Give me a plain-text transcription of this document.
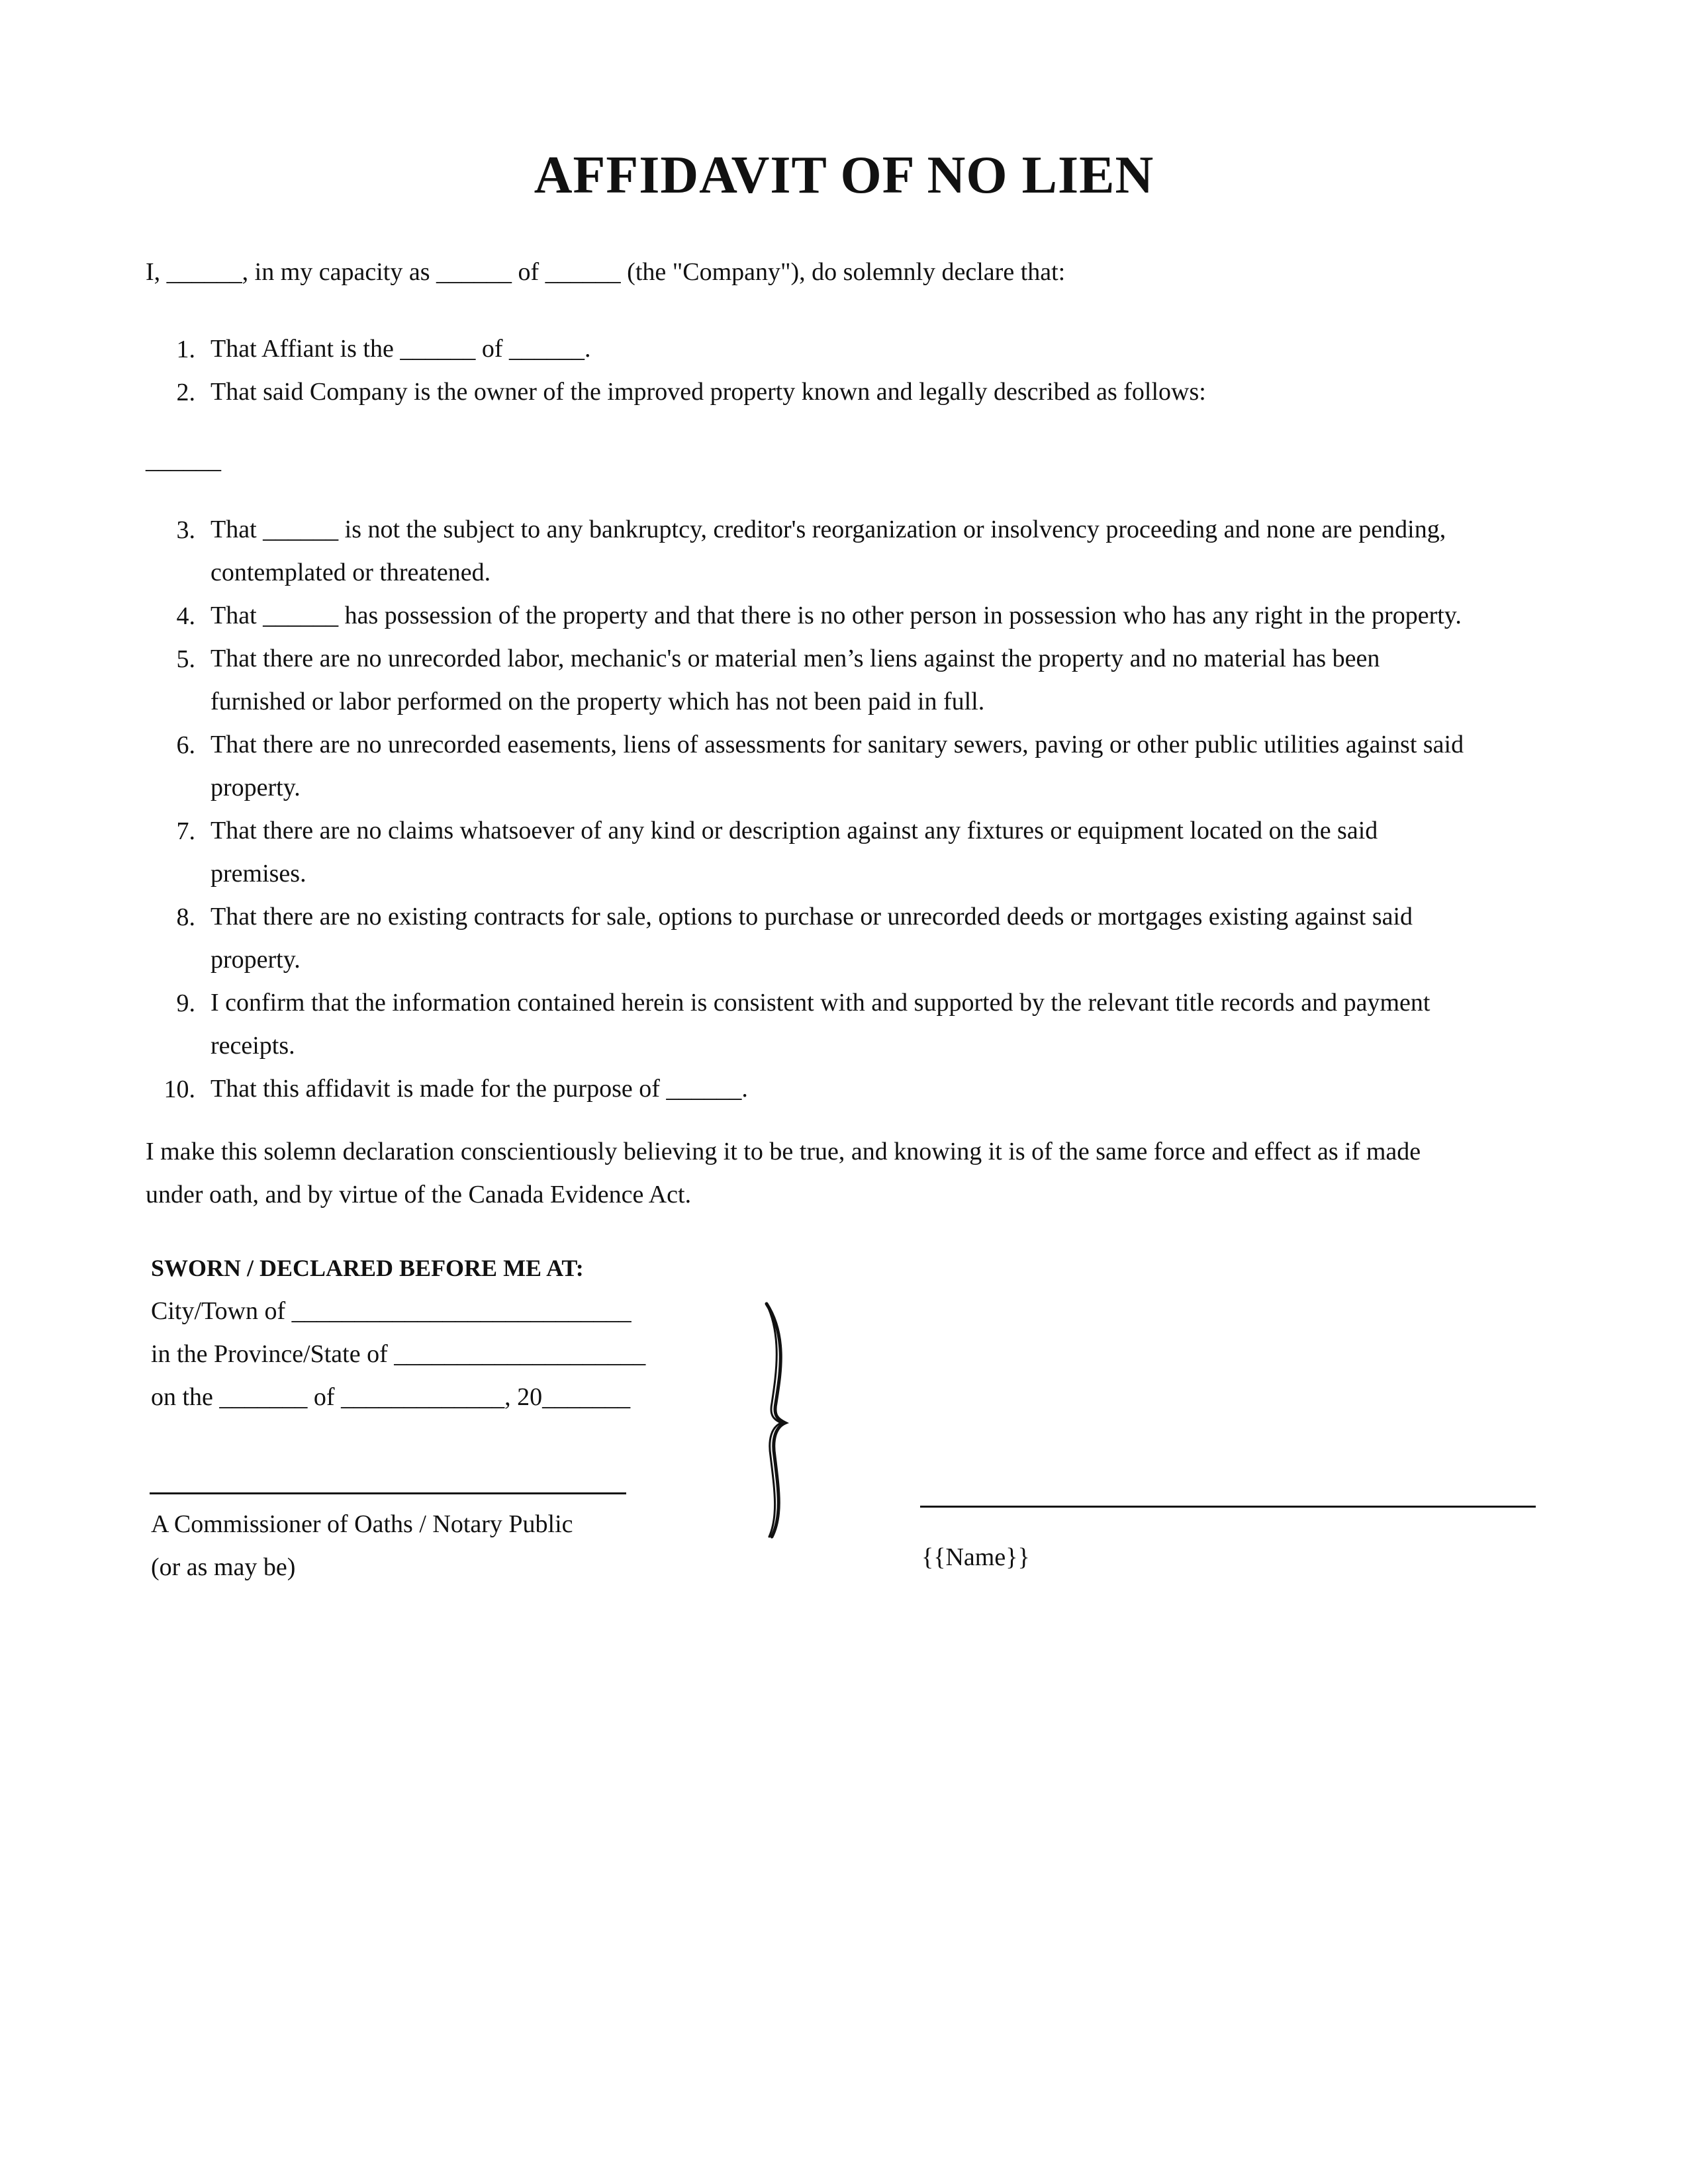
AFFIDAVIT OF NO LIEN
I, ______, in my capacity as ______ of ______ (the "Company"), do solemnly declare that:
1. That Affiant is the ______ of ______.
2. That said Company is the owner of the improved property known and legally described as follows:
3. That ______ is not the subject to any bankruptcy, creditor's reorganization or insolvency proceeding and none are pending,
contemplated or threatened.
4. That ______ has possession of the property and that there is no other person in possession who has any right in the property.
5. That there are no unrecorded labor, mechanic's or material men’s liens against the property and no material has been
furnished or labor performed on the property which has not been paid in full.
6. That there are no unrecorded easements, liens of assessments for sanitary sewers, paving or other public utilities against said
property.
7. That there are no claims whatsoever of any kind or description against any fixtures or equipment located on the said
premises.
8. That there are no existing contracts for sale, options to purchase or unrecorded deeds or mortgages existing against said
property.
9. I confirm that the information contained herein is consistent with and supported by the relevant title records and payment
receipts.
10. That this affidavit is made for the purpose of ______.
______
I make this solemn declaration conscientiously believing it to be true, and knowing it is of the same force and effect as if made
under oath, and by virtue of the Canada Evidence Act.
SWORN / DECLARED BEFORE ME AT:
City/Town of ___________________________
in the Province/State of ____________________
on the _______ of _____________, 20_______
A Commissioner of Oaths / Notary Public
(or as may be)	{{Name}}
